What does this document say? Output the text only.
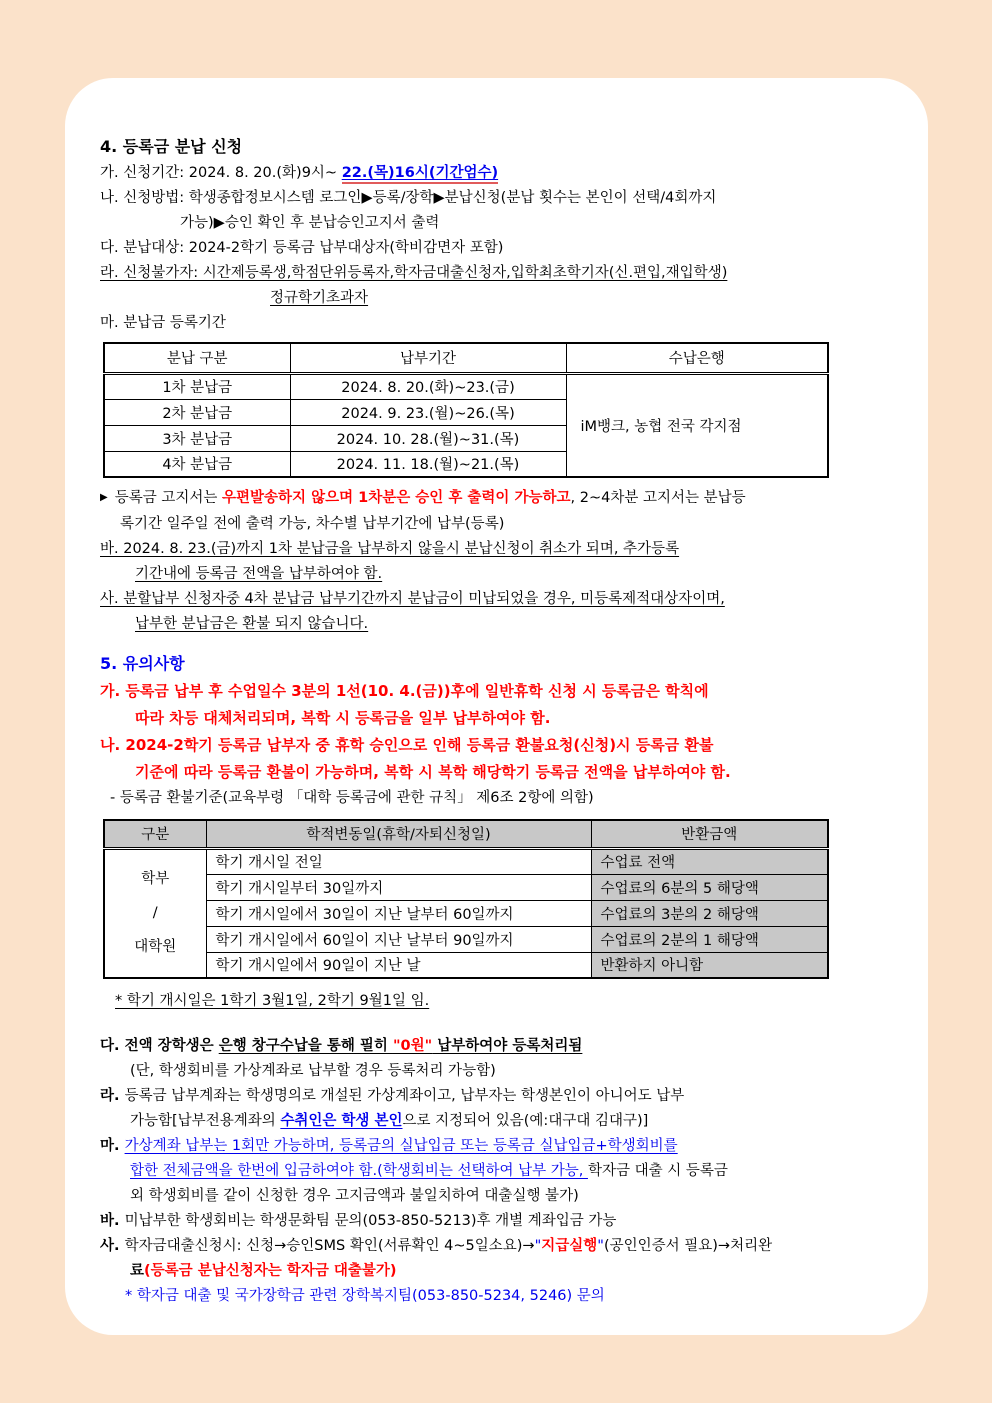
4. 등록금 분납 신청
가. 신청기간: 2024. 8. 20.(화)9시~ 22.(목)16시(기간엄수)
나. 신청방법: 학생종합정보시스템 로그인▶등록/장학▶분납신청(분납 횟수는 본인이 선택/4회까지
가능)▶승인 확인 후 분납승인고지서 출력
다. 분납대상: 2024-2학기 등록금 납부대상자(학비감면자 포함)
라. 신청불가자: 시간제등록생,학점단위등록자,학자금대출신청자,입학최초학기자(신.편입,재입학생)
정규학기초과자
마. 분납금 등록기간
분납 구분	납부기간	수납은행
1차 분납금	2024. 8. 20.(화)~23.(금)	iM뱅크, 농협 전국 각지점
2차 분납금	2024. 9. 23.(월)~26.(목)	
3차 분납금	2024. 10. 28.(월)~31.(목)	
4차 분납금	2024. 11. 18.(월)~21.(목)	
▶ 등록금 고지서는 우편발송하지 않으며 1차분은 승인 후 출력이 가능하고, 2~4차분 고지서는 분납등
록기간 일주일 전에 출력 가능, 차수별 납부기간에 납부(등록)
바. 2024. 8. 23.(금)까지 1차 분납금을 납부하지 않을시 분납신청이 취소가 되며, 추가등록
기간내에 등록금 전액을 납부하여야 함.
사. 분할납부 신청자중 4차 분납금 납부기간까지 분납금이 미납되었을 경우, 미등록제적대상자이며,
납부한 분납금은 환불 되지 않습니다.
5. 유의사항
가. 등록금 납부 후 수업일수 3분의 1선(10. 4.(금))후에 일반휴학 신청 시 등록금은 학칙에
따라 차등 대체처리되며, 복학 시 등록금을 일부 납부하여야 함.
나. 2024-2학기 등록금 납부자 중 휴학 승인으로 인해 등록금 환불요청(신청)시 등록금 환불
기준에 따라 등록금 환불이 가능하며, 복학 시 복학 해당학기 등록금 전액을 납부하여야 함.
- 등록금 환불기준(교육부령 「대학 등록금에 관한 규칙」 제6조 2항에 의함)
구분	학적변동일(휴학/자퇴신청일)	반환금액

학부
/
대학원	학기 개시일 전일	수업료 전액
	학기 개시일부터 30일까지	수업료의 6분의 5 해당액
	학기 개시일에서 30일이 지난 날부터 60일까지	수업료의 3분의 2 해당액
	학기 개시일에서 60일이 지난 날부터 90일까지	수업료의 2분의 1 해당액
	학기 개시일에서 90일이 지난 날	반환하지 아니함
* 학기 개시일은 1학기 3월1일, 2학기 9월1일 임.
다. 전액 장학생은 은행 창구수납을 통해 필히 "0원" 납부하여야 등록처리됨
(단, 학생회비를 가상계좌로 납부할 경우 등록처리 가능함)
라. 등록금 납부계좌는 학생명의로 개설된 가상계좌이고, 납부자는 학생본인이 아니어도 납부
가능함[납부전용계좌의 수취인은 학생 본인으로 지정되어 있음(예:대구대 김대구)]
마. 가상계좌 납부는 1회만 가능하며, 등록금의 실납입금 또는 등록금 실납입금+학생회비를
합한 전체금액을 한번에 입금하여야 함.(학생회비는 선택하여 납부 가능, 학자금 대출 시 등록금
외 학생회비를 같이 신청한 경우 고지금액과 불일치하여 대출실행 불가)
바. 미납부한 학생회비는 학생문화팀 문의(053-850-5213)후 개별 계좌입금 가능
사. 학자금대출신청시: 신청→승인SMS 확인(서류확인 4~5일소요)→"지급실행"(공인인증서 필요)→처리완
료(등록금 분납신청자는 학자금 대출불가)
* 학자금 대출 및 국가장학금 관련 장학복지팀(053-850-5234, 5246) 문의
